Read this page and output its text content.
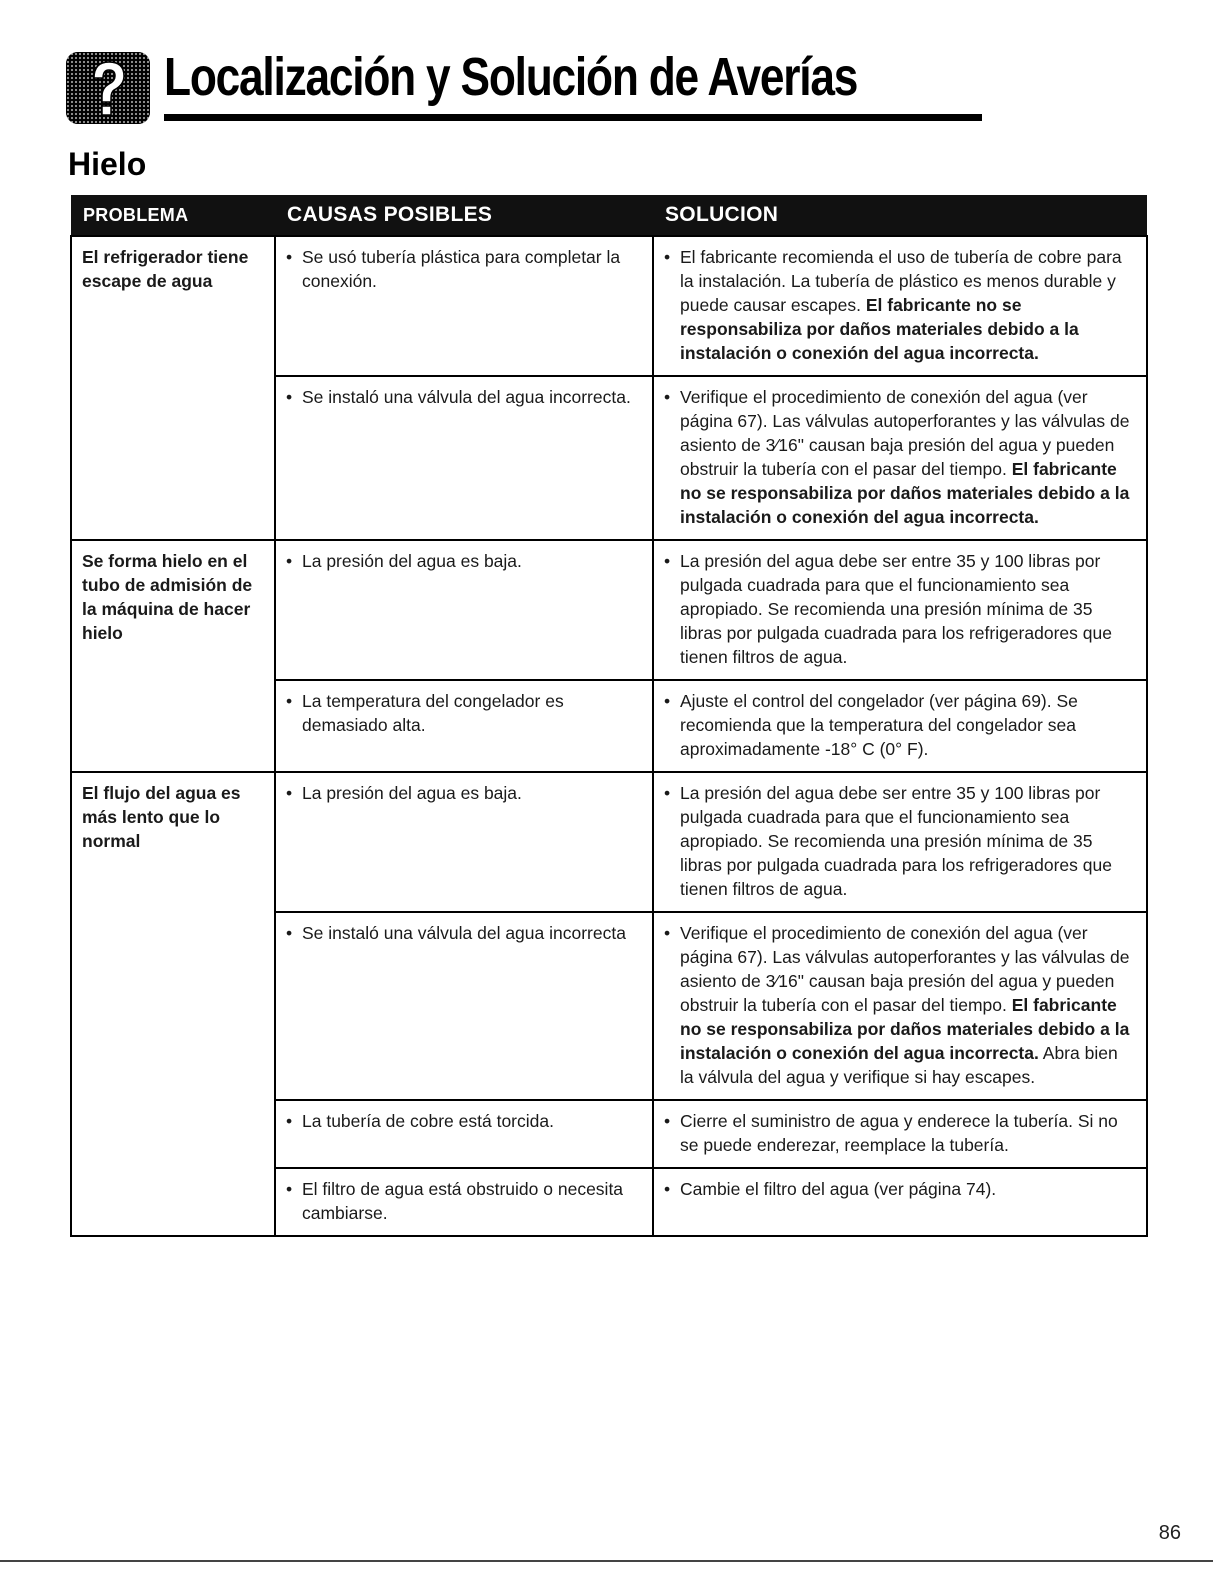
Localización y Solución de Averías
Hielo
PROBLEMA	CAUSAS POSIBLES	SOLUCION
El refrigerador tiene escape de agua	• Se usó tubería plástica para completar la conexión.	• El fabricante recomienda el uso de tubería de cobre para la instalación. La tubería de plástico es menos durable y puede causar escapes. El fabricante no se responsabiliza por daños materiales debido a la instalación o conexión del agua incorrecta.

	• Se instaló una válvula del agua incorrecta.	• Verifique el procedimiento de conexión del agua (ver página 67). Las válvulas autoperforantes y las válvulas de asiento de 3⁄16" causan baja presión del agua y pueden obstruir la tubería con el pasar del tiempo. El fabricante no se responsabiliza por daños materiales debido a la instalación o conexión del agua incorrecta.

Se forma hielo en el tubo de admisión de la máquina de hacer hielo	• La presión del agua es baja.	• La presión del agua debe ser entre 35 y 100 libras por pulgada cuadrada para que el funcionamiento sea apropiado. Se recomienda una presión mínima de 35 libras por pulgada cuadrada para los refrigeradores que tienen filtros de agua.

	• La temperatura del congelador es demasiado alta.	• Ajuste el control del congelador (ver página 69). Se recomienda que la temperatura del congelador sea aproximadamente -18° C (0° F).

El flujo del agua es más lento que lo normal	• La presión del agua es baja.	• La presión del agua debe ser entre 35 y 100 libras por pulgada cuadrada para que el funcionamiento sea apropiado. Se recomienda una presión mínima de 35 libras por pulgada cuadrada para los refrigeradores que tienen filtros de agua.

	• Se instaló una válvula del agua incorrecta	• Verifique el procedimiento de conexión del agua (ver página 67). Las válvulas autoperforantes y las válvulas de asiento de 3⁄16" causan baja presión del agua y pueden obstruir la tubería con el pasar del tiempo. El fabricante no se responsabiliza por daños materiales debido a la instalación o conexión del agua incorrecta. Abra bien la válvula del agua y verifique si hay escapes.

	• La tubería de cobre está torcida.	• Cierre el suministro de agua y enderece la tubería. Si no se puede enderezar, reemplace la tubería.

	• El filtro de agua está obstruido o necesita cambiarse.	• Cambie el filtro del agua (ver página 74).
86
